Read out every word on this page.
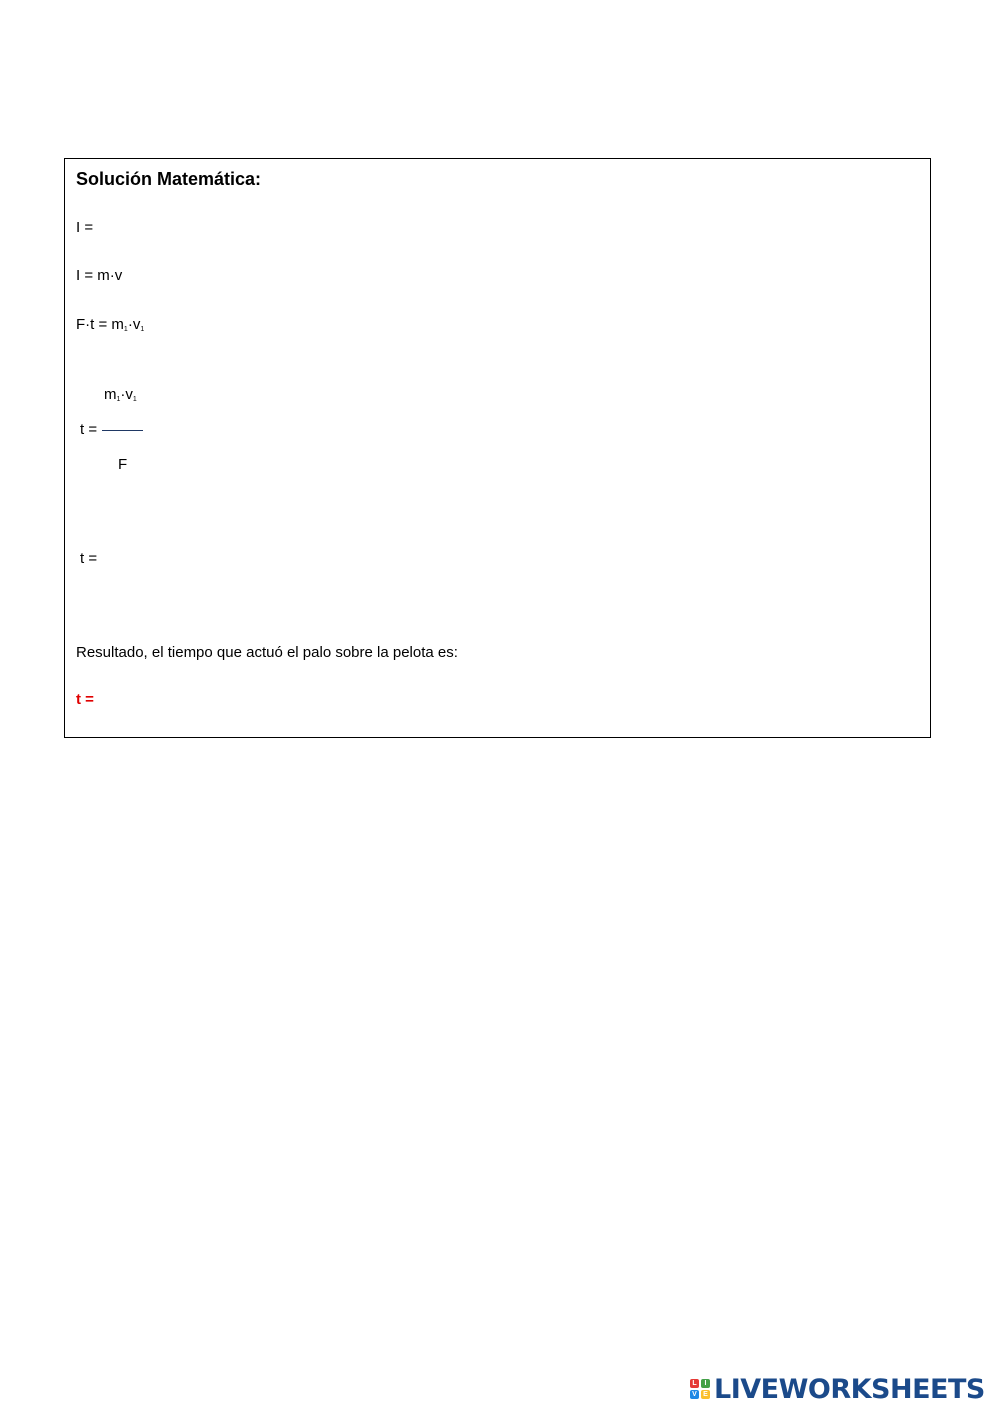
Solución Matemática:
I =
I = m·v
F·t = m1·v1
m1·v1
t =
F
t =
Resultado, el tiempo que actuó el palo sobre la pelota es:
t =
L	I
V E LIVEWORKSHEETS
